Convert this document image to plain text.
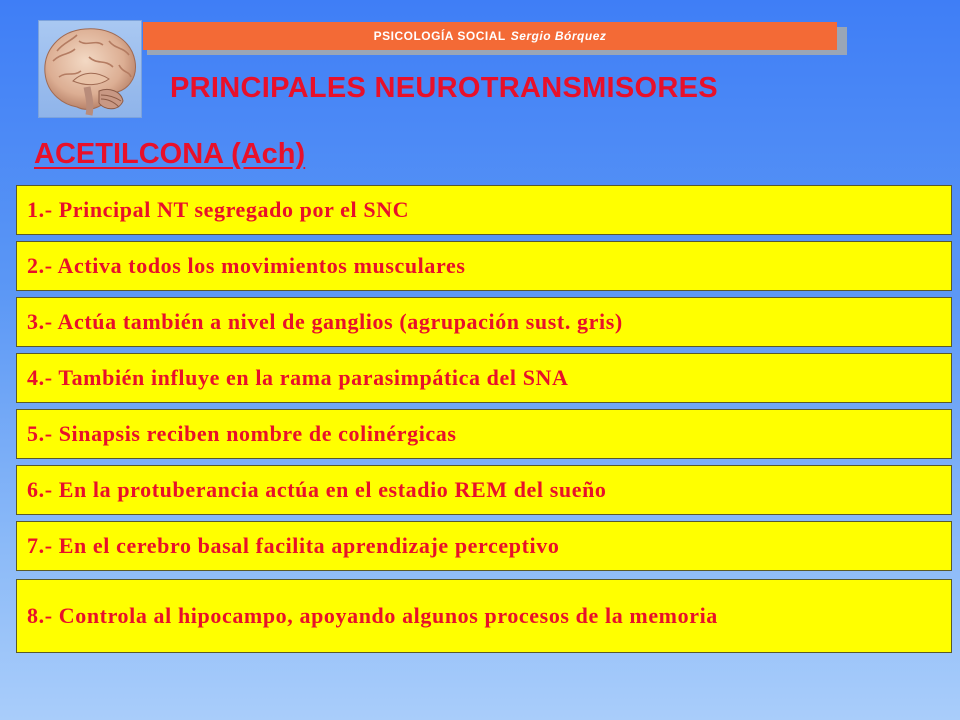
PSICOLOGÍA SOCIAL Sergio Bórquez
PRINCIPALES NEUROTRANSMISORES
ACETILCONA (Ach)
1.- Principal NT segregado por el SNC
2.- Activa todos los movimientos musculares
3.- Actúa también a nivel de ganglios (agrupación sust. gris)
4.- También influye en la rama parasimpática del SNA
5.- Sinapsis reciben nombre de colinérgicas
6.- En la protuberancia actúa en el estadio REM del sueño
7.- En el cerebro basal facilita aprendizaje perceptivo
8.- Controla al hipocampo, apoyando algunos procesos de la memoria
